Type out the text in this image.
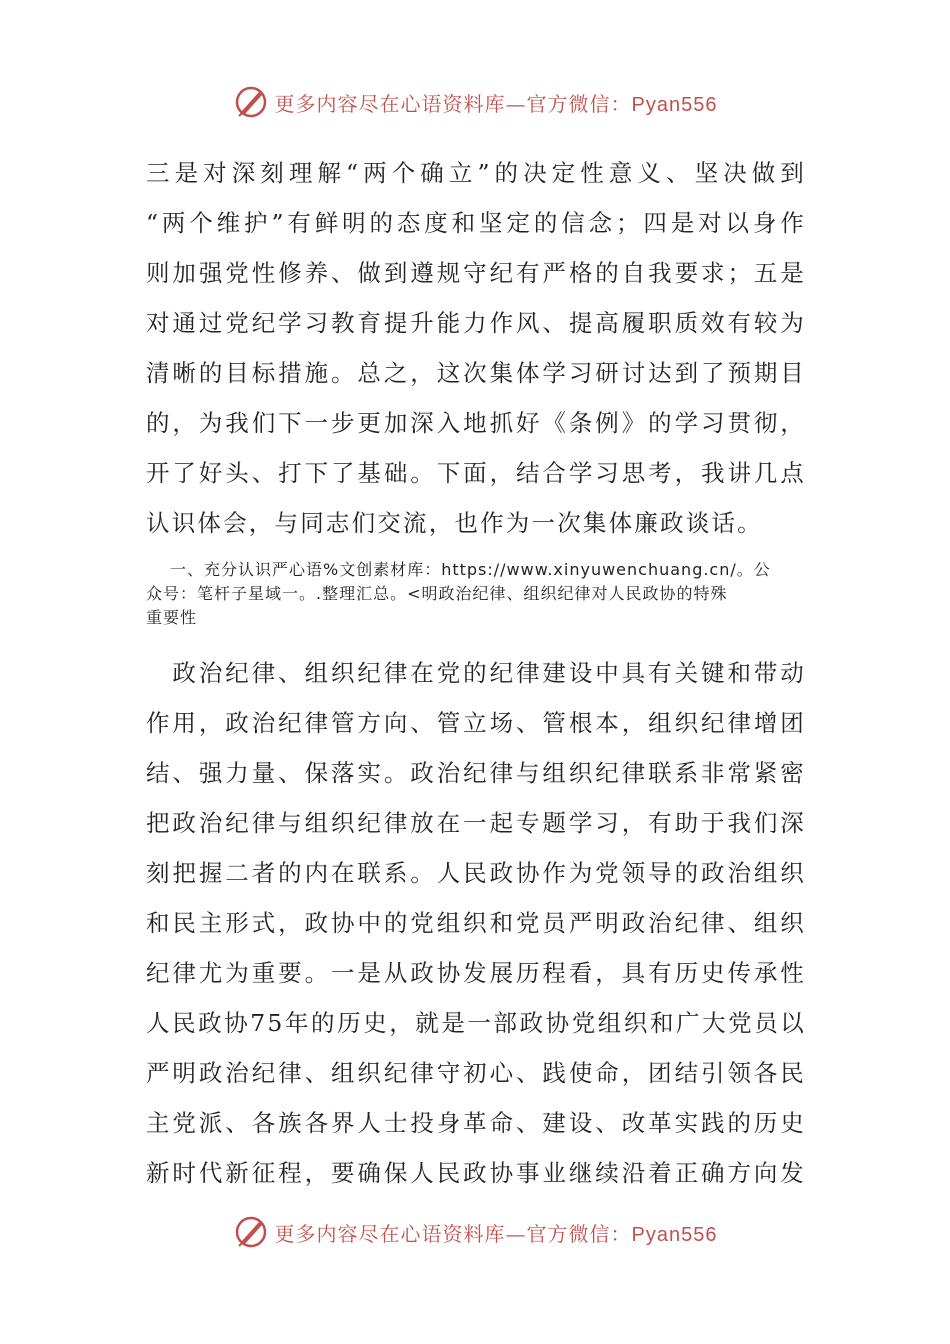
更多内容尽在心语资料库—官方微信：Pyan556
三是对深刻理解“两个确立”的决定性意义、坚决做到
“两个维护”有鲜明的态度和坚定的信念；四是对以身作
则加强党性修养、做到遵规守纪有严格的自我要求；五是
对通过党纪学习教育提升能力作风、提高履职质效有较为
清晰的目标措施。总之，这次集体学习研讨达到了预期目
的，为我们下一步更加深入地抓好《条例》的学习贯彻，
开了好头、打下了基础。下面，结合学习思考，我讲几点
认识体会，与同志们交流，也作为一次集体廉政谈话。
一、充分认识严心语%文创素材库：https://www.xinyuwenchuang.cn/。公
众号：笔杆子星域一。.整理汇总。<明政治纪律、组织纪律对人民政协的特殊
重要性
　政治纪律、组织纪律在党的纪律建设中具有关键和带动
作用，政治纪律管方向、管立场、管根本，组织纪律增团
结、强力量、保落实。政治纪律与组织纪律联系非常紧密
把政治纪律与组织纪律放在一起专题学习，有助于我们深
刻把握二者的内在联系。人民政协作为党领导的政治组织
和民主形式，政协中的党组织和党员严明政治纪律、组织
纪律尤为重要。一是从政协发展历程看，具有历史传承性
人民政协75年的历史，就是一部政协党组织和广大党员以
严明政治纪律、组织纪律守初心、践使命，团结引领各民
主党派、各族各界人士投身革命、建设、改革实践的历史
新时代新征程，要确保人民政协事业继续沿着正确方向发
更多内容尽在心语资料库—官方微信：Pyan556
